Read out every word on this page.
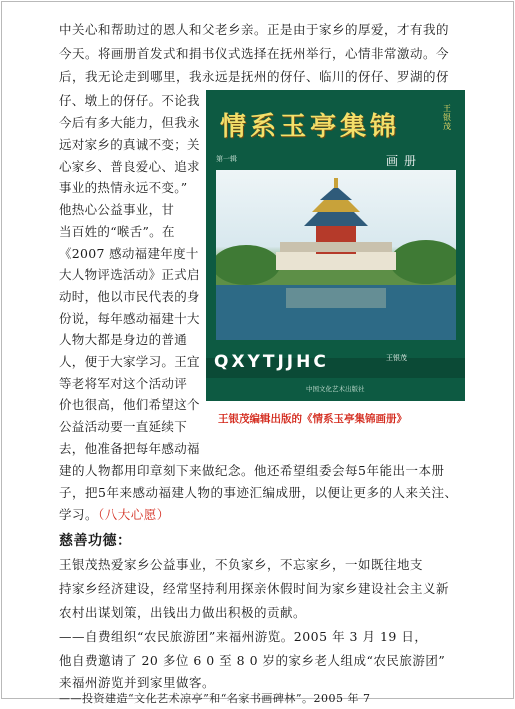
中关心和帮助过的恩人和父老乡亲。正是由于家乡的厚爱，才有我的
今天。将画册首发式和捐书仪式选择在抚州举行，心情非常激动。今
后，我无论走到哪里，我永远是抚州的伢仔、临川的伢仔、罗湖的伢
仔、墩上的伢仔。不论我
今后有多大能力，但我永
远对家乡的真诚不变；关
心家乡、普良爱心、追求
事业的热情永远不变。”
他热心公益事业，甘
当百姓的“喉舌”。在
《2007 感动福建年度十
大人物评选活动》正式启
动时，他以市民代表的身
份说，每年感动福建十大
人物大都是身边的普通
人，便于大家学习。王宜
等老将军对这个活动评
价也很高，他们希望这个
公益活动要一直延续下
去，他准备把每年感动福
情系玉亭集锦
王银茂
第一辑	画册
QXYTJJHC	王银茂
中国文化艺术出版社
王银茂编辑出版的《情系玉亭集锦画册》
建的人物都用印章刻下来做纪念。他还希望组委会每5年能出一本册
子，把5年来感动福建人物的事迹汇编成册，以便让更多的人来关注、
学习。（八大心愿）
慈善功德：
王银茂热爱家乡公益事业，不负家乡，不忘家乡，一如既往地支
持家乡经济建设，经常坚持利用探亲休假时间为家乡建设社会主义新
农村出谋划策，出钱出力做出积极的贡献。
——自费组织“农民旅游团”来福州游览。2005 年 3 月 19 日，
他自费邀请了 20 多位 6 0 至 8 0 岁的家乡老人组成“农民旅游团”
来福州游览并到家里做客。
——投资建造“文化艺术凉亭”和“名家书画碑林”。2005 年 7
